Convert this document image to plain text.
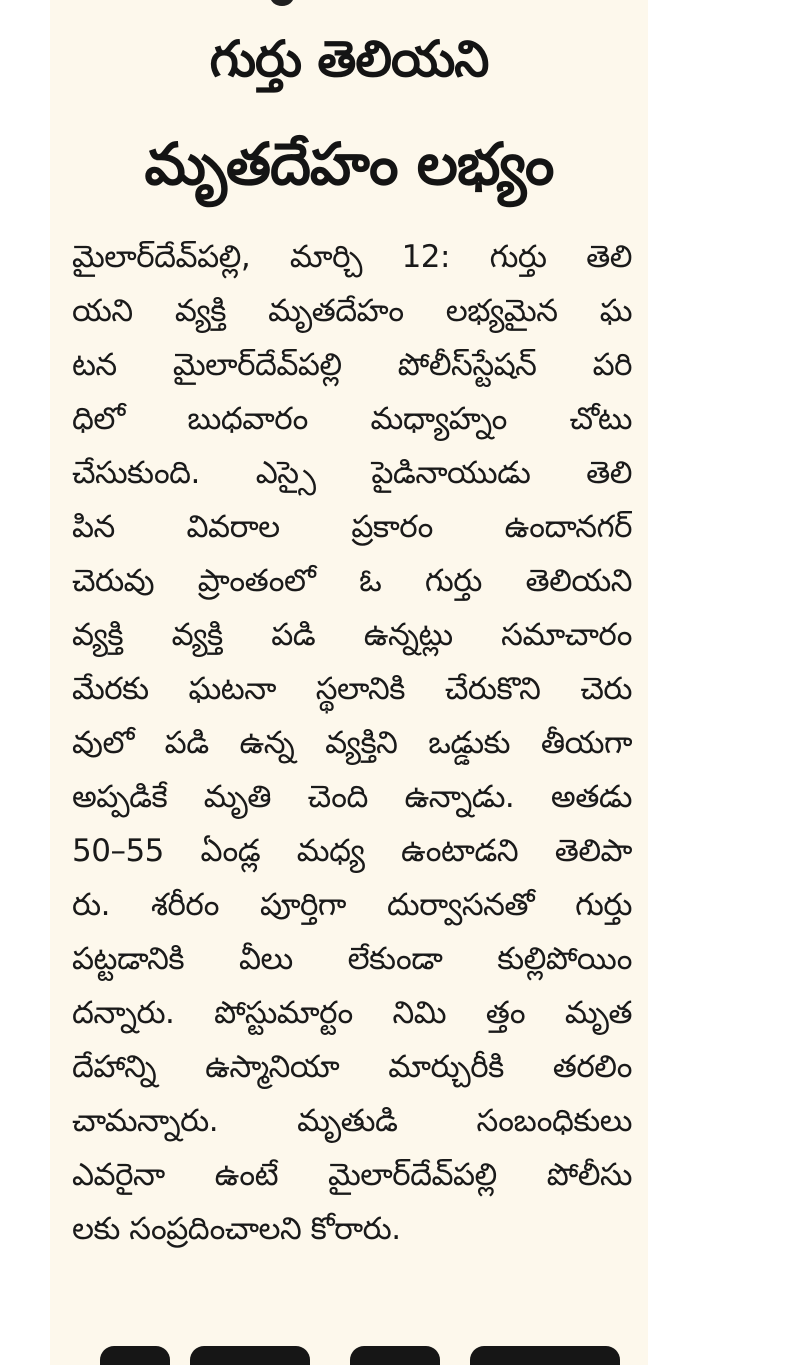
గుర్తు తెలియని
మృతదేహం లభ్యం
మైలార్‌దేవ్‌పల్లి, మార్చి 12: గుర్తు తెలి
యని వ్యక్తి మృతదేహం లభ్యమైన ఘ
టన మైలార్‌దేవ్‌పల్లి పోలీస్‌స్టేషన్ పరి
ధిలో బుధవారం మధ్యాహ్నం చోటు
చేసుకుంది. ఎస్సై పైడినాయుడు తెలి
పిన వివరాల ప్రకారం ఉందానగర్
చెరువు ప్రాంతంలో ఓ గుర్తు తెలియని
వ్యక్తి వ్యక్తి పడి ఉన్నట్లు సమాచారం
మేరకు ఘటనా స్థలానికి చేరుకొని చెరు
వులో పడి ఉన్న వ్యక్తిని ఒడ్డుకు తీయగా
అప్పడికే మృతి చెంది ఉన్నాడు. అతడు
50–55 ఏండ్ల మధ్య ఉంటాడని తెలిపా
రు. శరీరం పూర్తిగా దుర్వాసనతో గుర్తు
పట్టడానికి వీలు లేకుండా కుల్లిపోయిం
దన్నారు. పోస్టుమార్టం నిమి త్తం మృత
దేహాన్ని ఉస్మానియా మార్చురీకి తరలిం
చామన్నారు. మృతుడి సంబంధికులు
ఎవరైనా ఉంటే మైలార్‌దేవ్‌పల్లి పోలీసు
లకు సంప్రదించాలని కోరారు.
